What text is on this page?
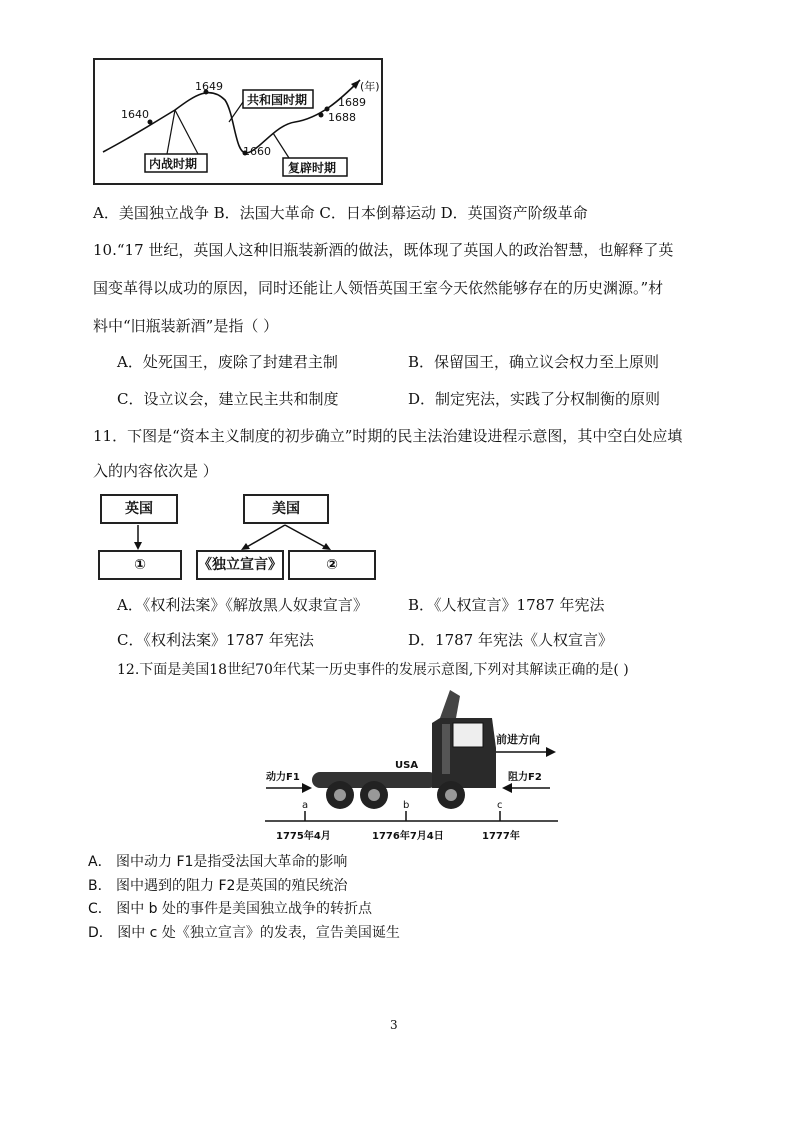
1640
1649
1660
1689
1688
(年)
共和国时期
内战时期	复辟时期
A．美国独立战争 B．法国大革命 C．日本倒幕运动 D．英国资产阶级革命
10.“17 世纪，英国人这种旧瓶装新酒的做法，既体现了英国人的政治智慧，也解释了英
国变革得以成功的原因，同时还能让人领悟英国王室今天依然能够存在的历史渊源。”材
料中“旧瓶装新酒”是指（ ）
A．处死国王，废除了封建君主制	B．保留国王，确立议会权力至上原则
C．设立议会，建立民主共和制度	D．制定宪法，实践了分权制衡的原则
11．下图是“资本主义制度的初步确立”时期的民主法治建设进程示意图，其中空白处应填
入的内容依次是 ）
英国	美国
①	《独立宣言》	②
A．《权利法案》《解放黑人奴隶宣言》	B．《人权宣言》1787 年宪法
C．《权利法案》1787 年宪法	D．1787 年宪法《人权宣言》
12.下面是美国18世纪70年代某一历史事件的发展示意图,下列对其解读正确的是( )
a	b	c
1775年4月	1776年7月4日	1777年
USA
前进方向
动力F1	阻力F2
A． 图中动力 F1是指受法国大革命的影响
B． 图中遇到的阻力 F2是英国的殖民统治
C． 图中 b 处的事件是美国独立战争的转折点
D． 图中 c 处《独立宣言》的发表，宣告美国诞生
3
